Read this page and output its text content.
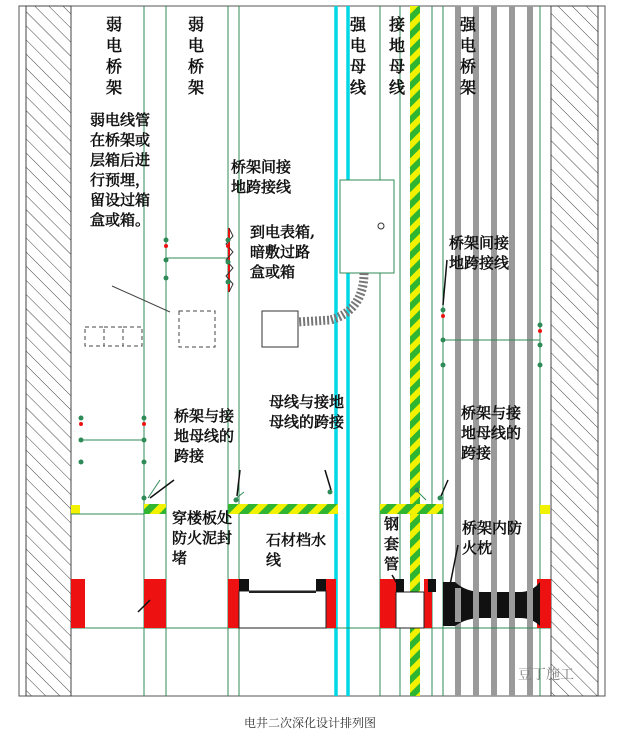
弱电桥架
弱电桥架
强电母线
接地母线
强电桥架
弱电线管在桥架或层箱后进行预埋，留设过箱盒或箱。
桥架间接地跨接线
到电表箱,暗敷过路盒或箱
桥架间接地跨接线
桥架与接地母线的跨接
母线与接地母线的跨接	桥架与接地母线的跨接
穿楼板处防火泥封堵
石材档水线
钢套管
桥架内防火枕
豆丁施工
电井二次深化设计排列图
